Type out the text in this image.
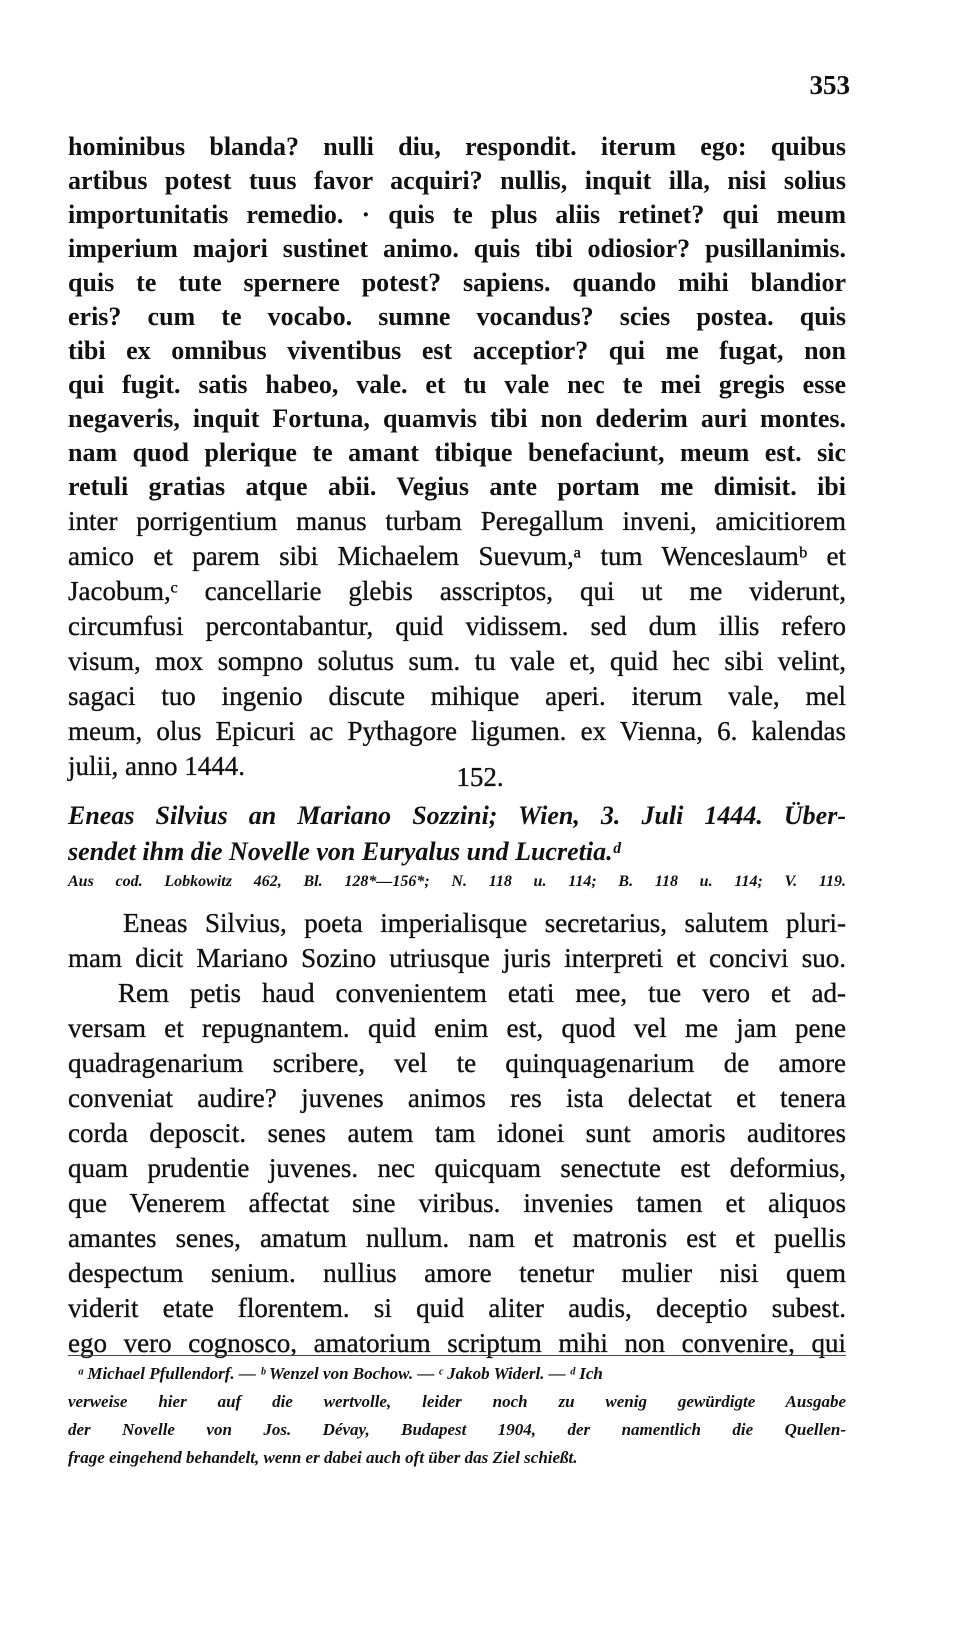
353
hominibus blanda? nulli diu, respondit. iterum ego: quibus
artibus potest tuus favor acquiri? nullis, inquit illa, nisi solius
importunitatis remedio. · quis te plus aliis retinet? qui meum
imperium majori sustinet animo. quis tibi odiosior? pusillanimis.
quis te tute spernere potest? sapiens. quando mihi blandior
eris? cum te vocabo. sumne vocandus? scies postea. quis
tibi ex omnibus viventibus est acceptior? qui me fugat, non
qui fugit. satis habeo, vale. et tu vale nec te mei gregis esse
negaveris, inquit Fortuna, quamvis tibi non dederim auri montes.
nam quod plerique te amant tibique benefaciunt, meum est. sic
retuli gratias atque abii. Vegius ante portam me dimisit. ibi
inter porrigentium manus turbam Peregallum inveni, amicitiorem
amico et parem sibi Michaelem Suevum,ᵃ tum Wenceslaumᵇ et
Jacobum,ᶜ cancellarie glebis asscriptos, qui ut me viderunt,
circumfusi percontabantur, quid vidissem. sed dum illis refero
visum, mox sompno solutus sum. tu vale et, quid hec sibi velint,
sagaci tuo ingenio discute mihique aperi. iterum vale, mel
meum, olus Epicuri ac Pythagore ligumen. ex Vienna, 6. kalendas
julii, anno 1444.	152.
Eneas Silvius an Mariano Sozzini; Wien, 3. Juli 1444. Über-
sendet ihm die Novelle von Euryalus und Lucretia.ᵈ
Aus cod. Lobkowitz 462, Bl. 128*—156*; N. 118 u. 114; B. 118 u. 114; V. 119.
Eneas Silvius, poeta imperialisque secretarius, salutem pluri-
mam dicit Mariano Sozino utriusque juris interpreti et concivi suo.
Rem petis haud convenientem etati mee, tue vero et ad-
versam et repugnantem. quid enim est, quod vel me jam pene
quadragenarium scribere, vel te quinquagenarium de amore
conveniat audire? juvenes animos res ista delectat et tenera
corda deposcit. senes autem tam idonei sunt amoris auditores
quam prudentie juvenes. nec quicquam senectute est deformius,
que Venerem affectat sine viribus. invenies tamen et aliquos
amantes senes, amatum nullum. nam et matronis est et puellis
despectum senium. nullius amore tenetur mulier nisi quem
viderit etate florentem. si quid aliter audis, deceptio subest.
ego vero cognosco, amatorium scriptum mihi non convenire, qui
ᵃ Michael Pfullendorf. — ᵇ Wenzel von Bochow. — ᶜ Jakob Widerl. — ᵈ Ich
verweise hier auf die wertvolle, leider noch zu wenig gewürdigte Ausgabe
der Novelle von Jos. Dévay, Budapest 1904, der namentlich die Quellen-
frage eingehend behandelt, wenn er dabei auch oft über das Ziel schießt.
